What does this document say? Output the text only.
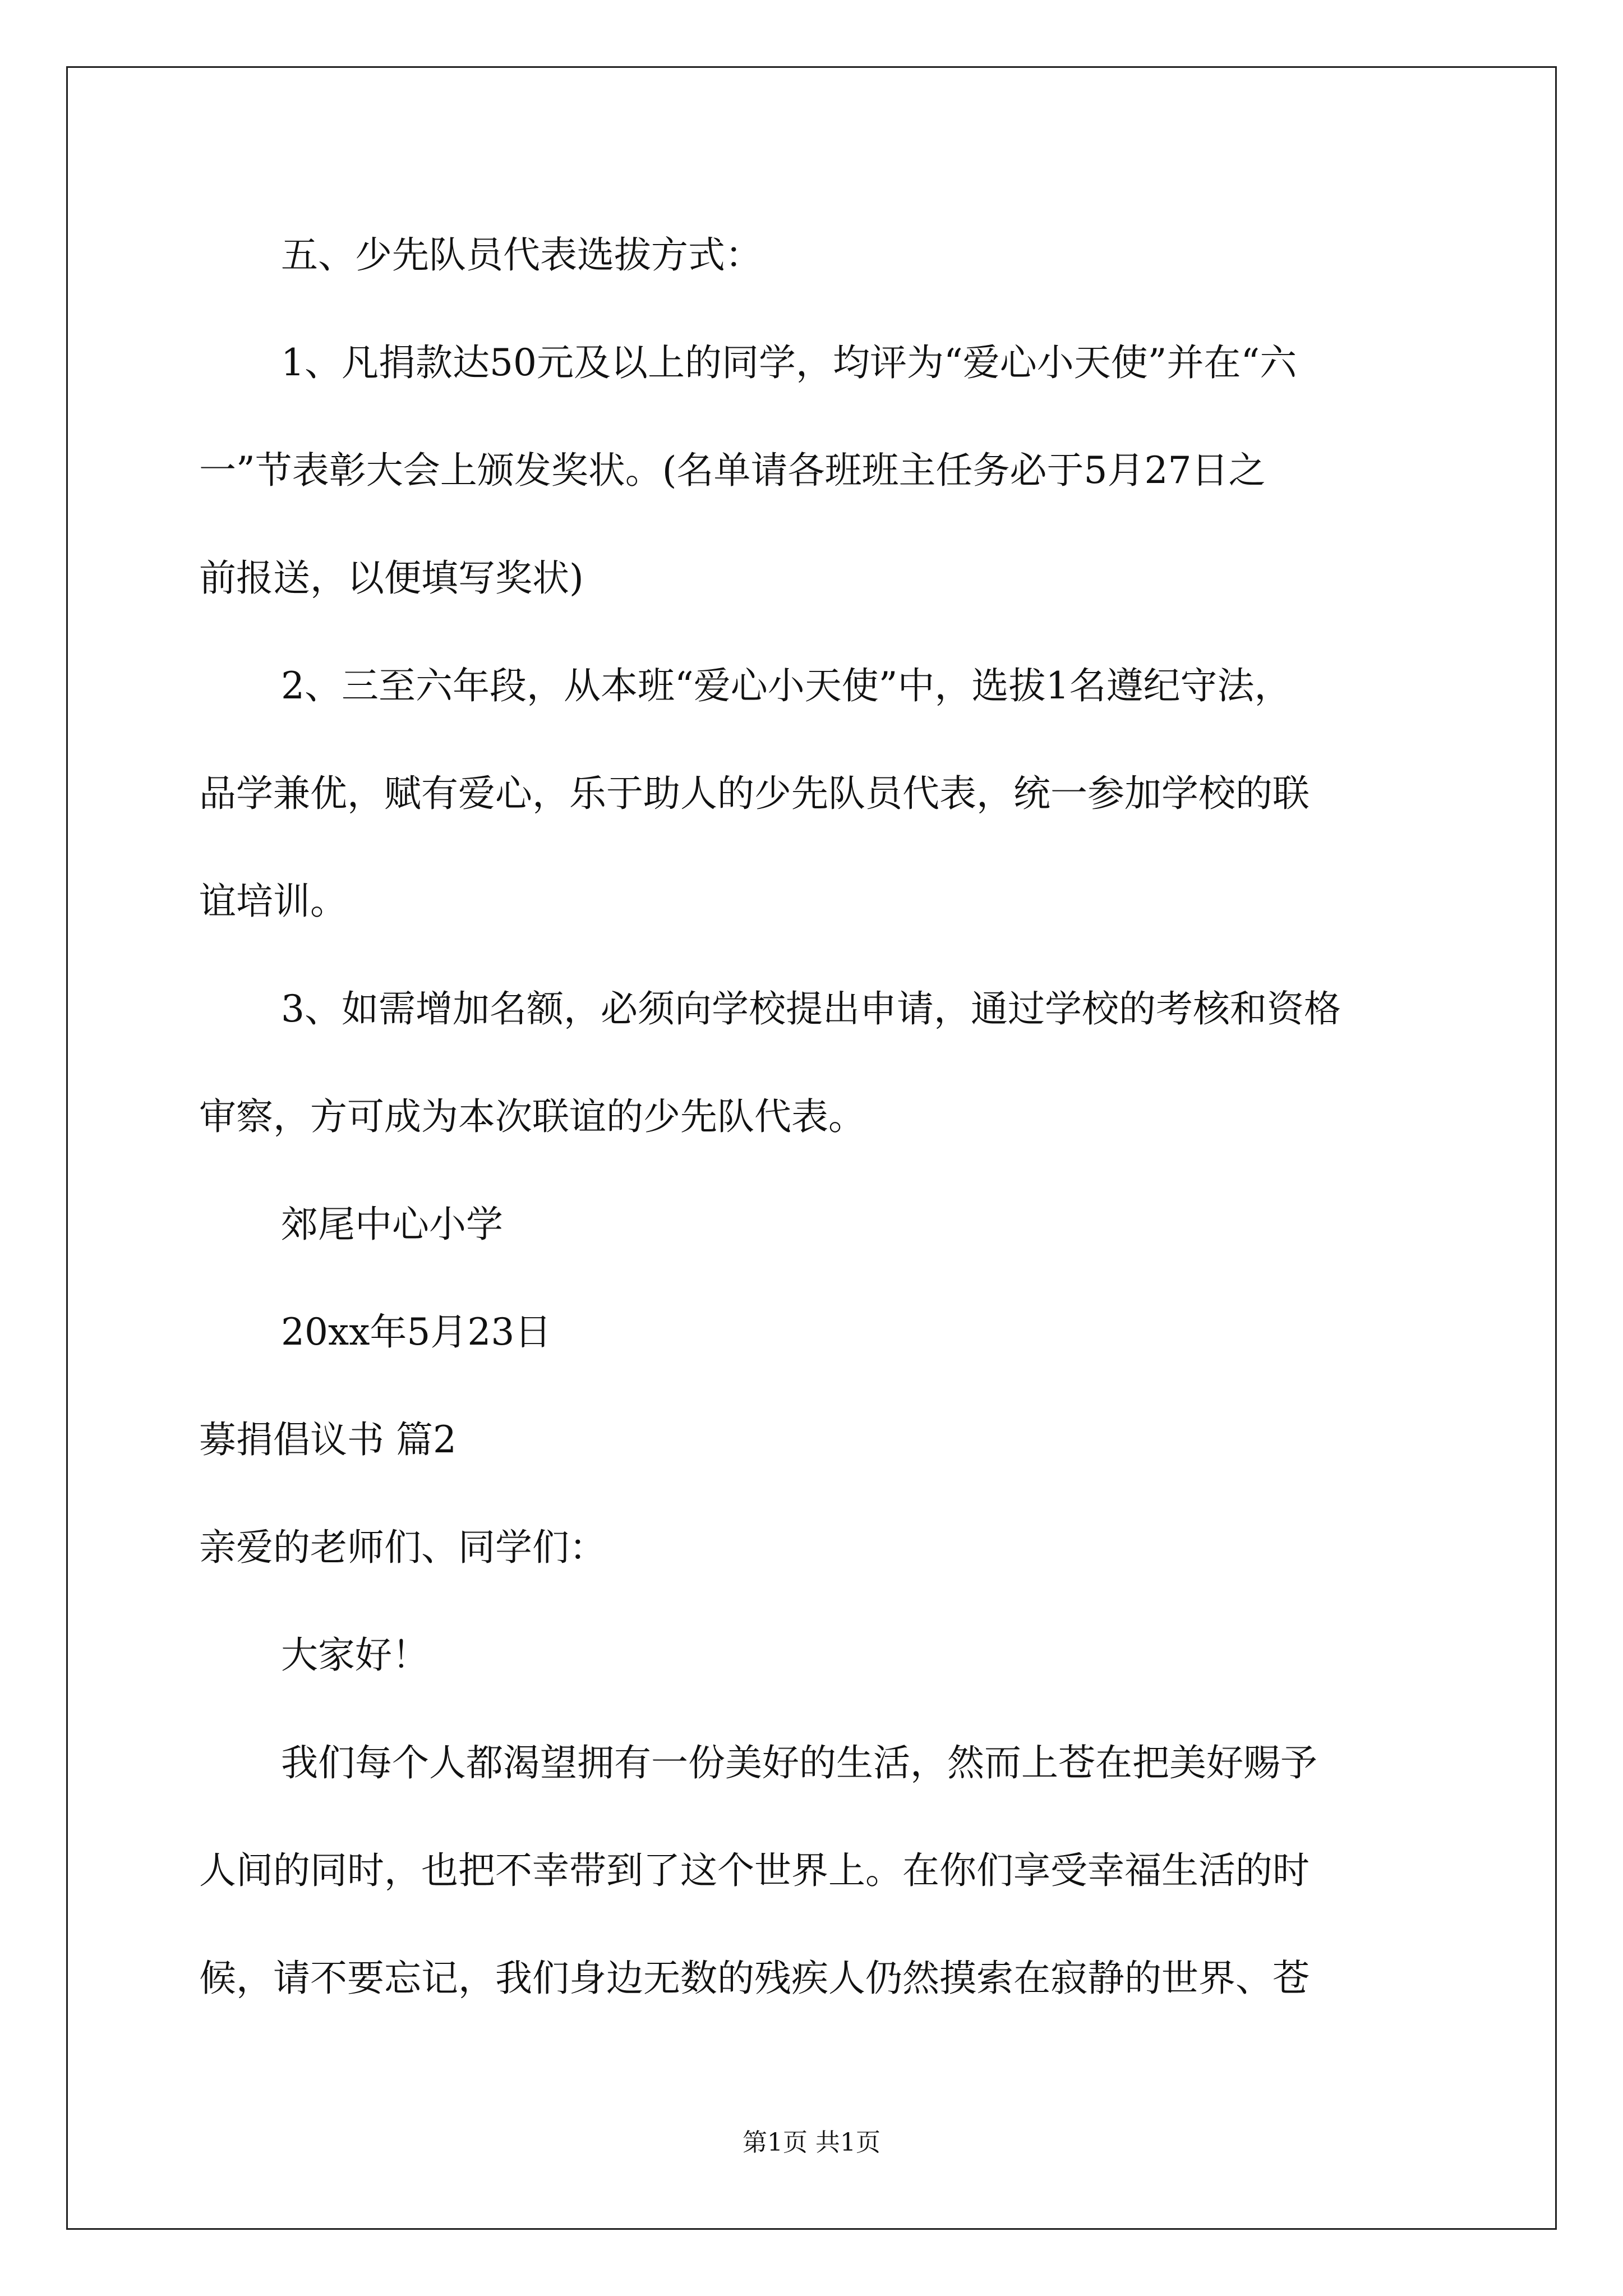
五、少先队员代表选拔方式：
1、凡捐款达50元及以上的同学，均评为“爱心小天使”并在“六
一”节表彰大会上颁发奖状。(名单请各班班主任务必于5月27日之
前报送，以便填写奖状)
2、三至六年段，从本班“爱心小天使”中，选拔1名遵纪守法，
品学兼优，赋有爱心，乐于助人的少先队员代表，统一参加学校的联
谊培训。
3、如需增加名额，必须向学校提出申请，通过学校的考核和资格
审察，方可成为本次联谊的少先队代表。
郊尾中心小学
20xx年5月23日
募捐倡议书 篇2
亲爱的老师们、同学们：
大家好！
我们每个人都渴望拥有一份美好的生活，然而上苍在把美好赐予
人间的同时，也把不幸带到了这个世界上。在你们享受幸福生活的时
候，请不要忘记，我们身边无数的残疾人仍然摸索在寂静的世界、苍
第1页 共1页
